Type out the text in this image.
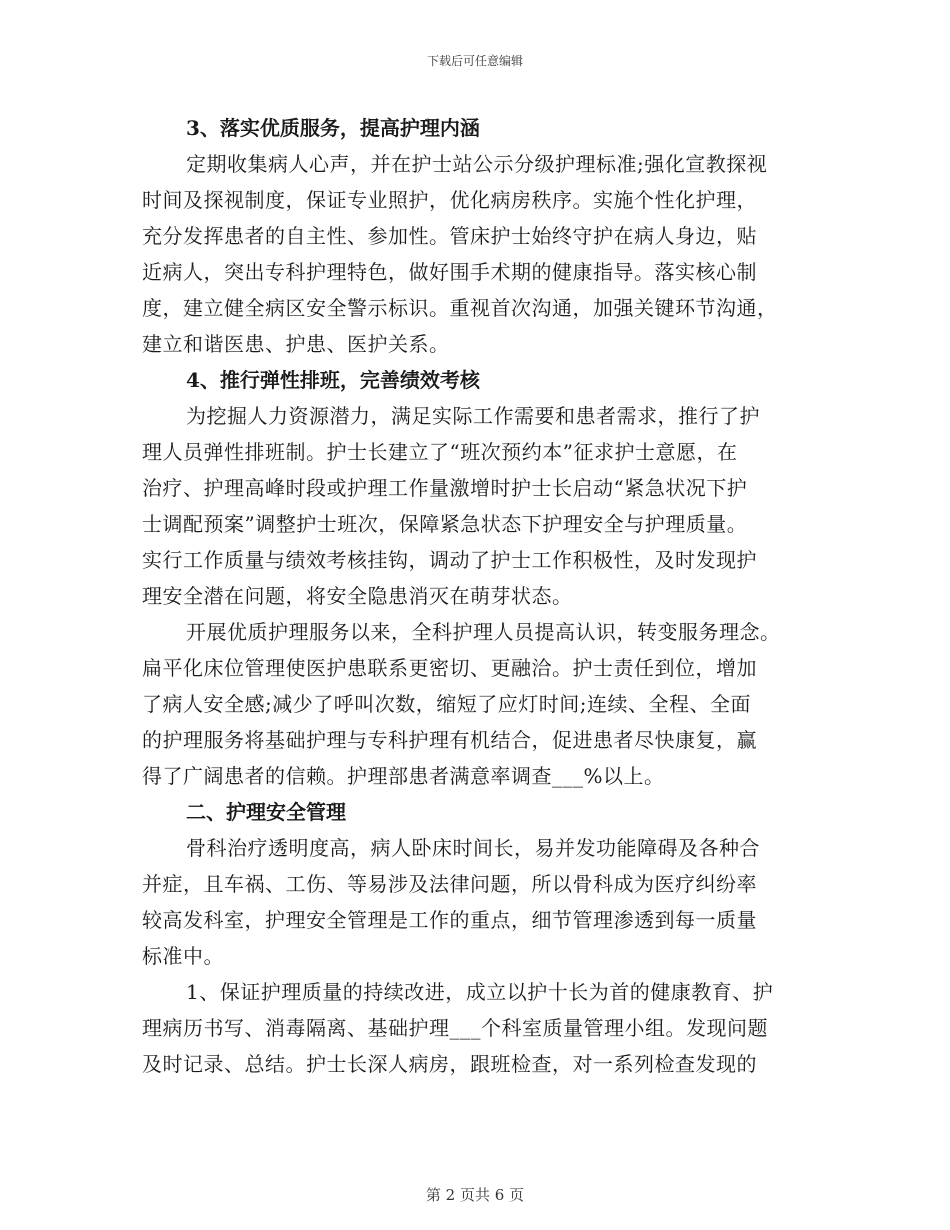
下载后可任意编辑
3、落实优质服务，提高护理内涵
定期收集病人心声，并在护士站公示分级护理标准;强化宣教探视
时间及探视制度，保证专业照护，优化病房秩序。实施个性化护理，
充分发挥患者的自主性、参加性。管床护士始终守护在病人身边，贴
近病人，突出专科护理特色，做好围手术期的健康指导。落实核心制
度，建立健全病区安全警示标识。重视首次沟通，加强关键环节沟通，
建立和谐医患、护患、医护关系。
4、推行弹性排班，完善绩效考核
为挖掘人力资源潜力，满足实际工作需要和患者需求，推行了护
理人员弹性排班制。护士长建立了“班次预约本”征求护士意愿，在
治疗、护理高峰时段或护理工作量激增时护士长启动“紧急状况下护
士调配预案”调整护士班次，保障紧急状态下护理安全与护理质量。
实行工作质量与绩效考核挂钩，调动了护士工作积极性，及时发现护
理安全潜在问题，将安全隐患消灭在萌芽状态。
开展优质护理服务以来，全科护理人员提高认识，转变服务理念。
扁平化床位管理使医护患联系更密切、更融洽。护士责任到位，增加
了病人安全感;减少了呼叫次数，缩短了应灯时间;连续、全程、全面
的护理服务将基础护理与专科护理有机结合，促进患者尽快康复，赢
得了广阔患者的信赖。护理部患者满意率调查___%以上。
二、护理安全管理
骨科治疗透明度高，病人卧床时间长，易并发功能障碍及各种合
并症，且车祸、工伤、等易涉及法律问题，所以骨科成为医疗纠纷率
较高发科室，护理安全管理是工作的重点，细节管理渗透到每一质量
标准中。
1、保证护理质量的持续改进，成立以护十长为首的健康教育、护
理病历书写、消毒隔离、基础护理___个科室质量管理小组。发现问题
及时记录、总结。护士长深人病房，跟班检查，对一系列检查发现的
第 2 页共 6 页
